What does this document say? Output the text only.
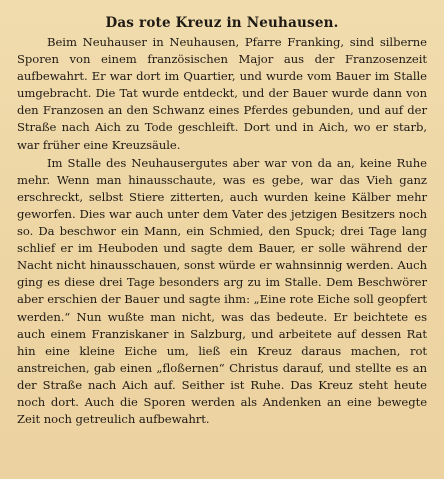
Das rote Kreuz in Neuhausen.

Beim Neuhauser in Neuhausen, Pfarre Franking, sind silberne Sporen von einem französischen Major aus der Franzosenzeit aufbewahrt. Er war dort im Quartier, und wurde vom Bauer im Stalle umgebracht. Die Tat wurde entdeckt, und der Bauer wurde dann von den Franzosen an den Schwanz eines Pferdes gebunden, und auf der Straße nach Aich zu Tode geschleift. Dort und in Aich, wo er starb, war früher eine Kreuzsäule.

Im Stalle des Neuhausergutes aber war von da an, keine Ruhe mehr. Wenn man hinausschaute, was es gebe, war das Vieh ganz erschreckt, selbst Stiere zitterten, auch wurden keine Kälber mehr geworfen. Dies war auch unter dem Vater des jetzigen Besitzers noch so. Da beschwor ein Mann, ein Schmied, den Spuck; drei Tage lang schlief er im Heuboden und sagte dem Bauer, er solle während der Nacht nicht hinausschauen, sonst würde er wahnsinnig werden. Auch ging es diese drei Tage besonders arg zu im Stalle. Dem Beschwörer aber erschien der Bauer und sagte ihm: „Eine rote Eiche soll geopfert werden.“ Nun wußte man nicht, was das bedeute. Er beichtete es auch einem Franziskaner in Salzburg, und arbeitete auf dessen Rat hin eine kleine Eiche um, ließ ein Kreuz daraus machen, rot anstreichen, gab einen „floßernen“ Christus darauf, und stellte es an der Straße nach Aich auf. Seither ist Ruhe. Das Kreuz steht heute noch dort. Auch die Sporen werden als Andenken an eine bewegte Zeit noch getreulich aufbewahrt.
